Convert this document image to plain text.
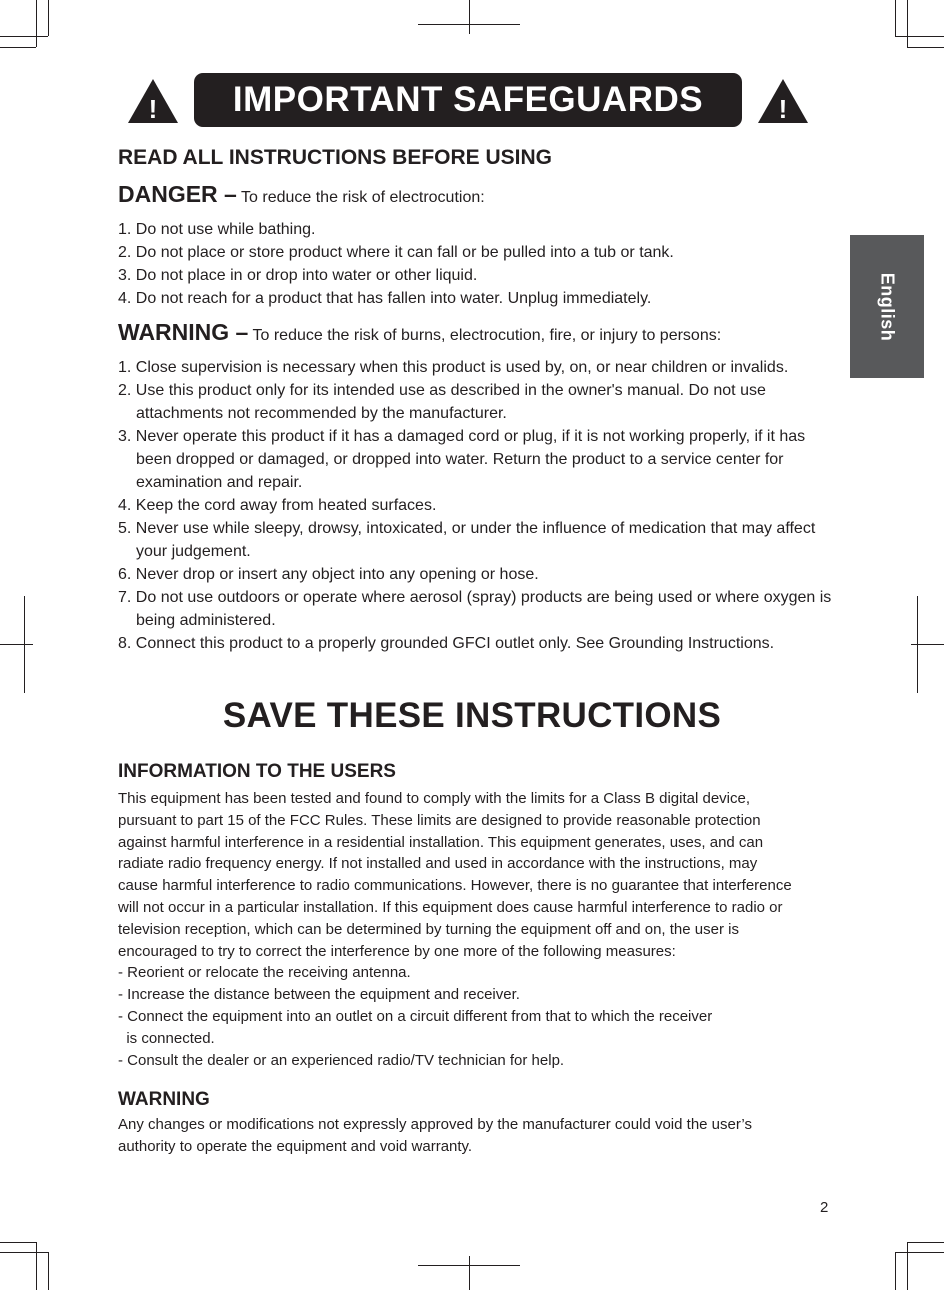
!	IMPORTANT SAFEGUARDS	!
English
READ ALL INSTRUCTIONS BEFORE USING
DANGER – To reduce the risk of electrocution:
1. Do not use while bathing.
2. Do not place or store product where it can fall or be pulled into a tub or tank.
3. Do not place in or drop into water or other liquid.
4. Do not reach for a product that has fallen into water. Unplug immediately.
WARNING – To reduce the risk of burns, electrocution, fire, or injury to persons:
1. Close supervision is necessary when this product is used by, on, or near children or invalids.
2. Use this product only for its intended use as described in the owner's manual. Do not use attachments not recommended by the manufacturer.
3. Never operate this product if it has a damaged cord or plug, if it is not working properly, if it has been dropped or damaged, or dropped into water. Return the product to a service center for examination and repair.
4. Keep the cord away from heated surfaces.
5. Never use while sleepy, drowsy, intoxicated, or under the influence of medication that may affect your judgement.
6. Never drop or insert any object into any opening or hose.
7. Do not use outdoors or operate where aerosol (spray) products are being used or where oxygen is being administered.
8. Connect this product to a properly grounded GFCI outlet only. See Grounding Instructions.
SAVE THESE INSTRUCTIONS
INFORMATION TO THE USERS
This equipment has been tested and found to comply with the limits for a Class B digital device,
pursuant to part 15 of the FCC Rules. These limits are designed to provide reasonable protection
against harmful interference in a residential installation. This equipment generates, uses, and can
radiate radio frequency energy. If not installed and used in accordance with the instructions, may
cause harmful interference to radio communications. However, there is no guarantee that interference
will not occur in a particular installation. If this equipment does cause harmful interference to radio or
television reception, which can be determined by turning the equipment off and on, the user is
encouraged to try to correct the interference by one more of the following measures:
- Reorient or relocate the receiving antenna.
- Increase the distance between the equipment and receiver.
- Connect the equipment into an outlet on a circuit different from that to which the receiver
is connected.
- Consult the dealer or an experienced radio/TV technician for help.
WARNING

Any changes or modifications not expressly approved by the manufacturer could void the user’s

authority to operate the equipment and void warranty.

2
